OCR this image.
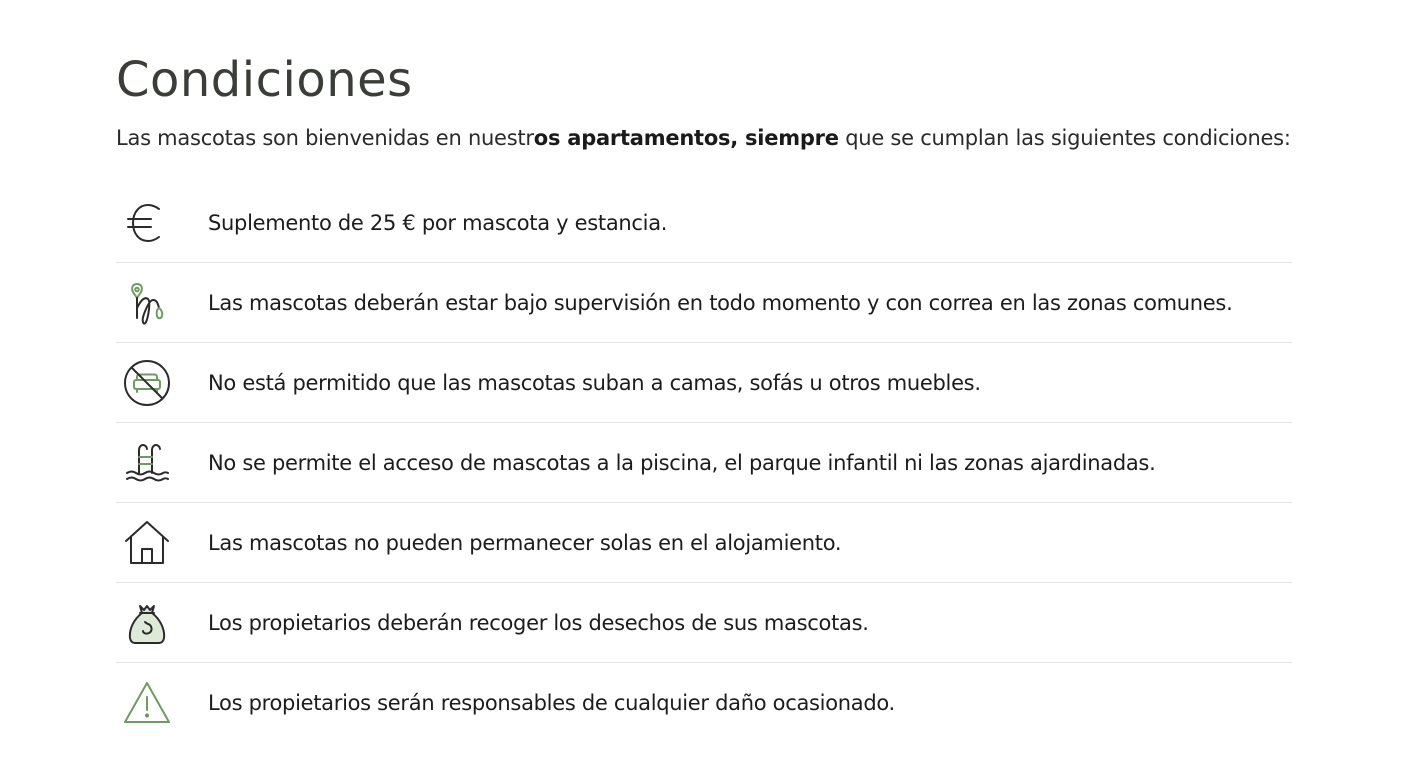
Condiciones

Las mascotas son bienvenidas en nuestros apartamentos, siempre que se cumplan las siguientes condiciones:

Suplemento de 25 € por mascota y estancia.
Las mascotas deberán estar bajo supervisión en todo momento y con correa en las zonas comunes.
No está permitido que las mascotas suban a camas, sofás u otros muebles.
No se permite el acceso de mascotas a la piscina, el parque infantil ni las zonas ajardinadas.
Las mascotas no pueden permanecer solas en el alojamiento.
Los propietarios deberán recoger los desechos de sus mascotas.
Los propietarios serán responsables de cualquier daño ocasionado.
